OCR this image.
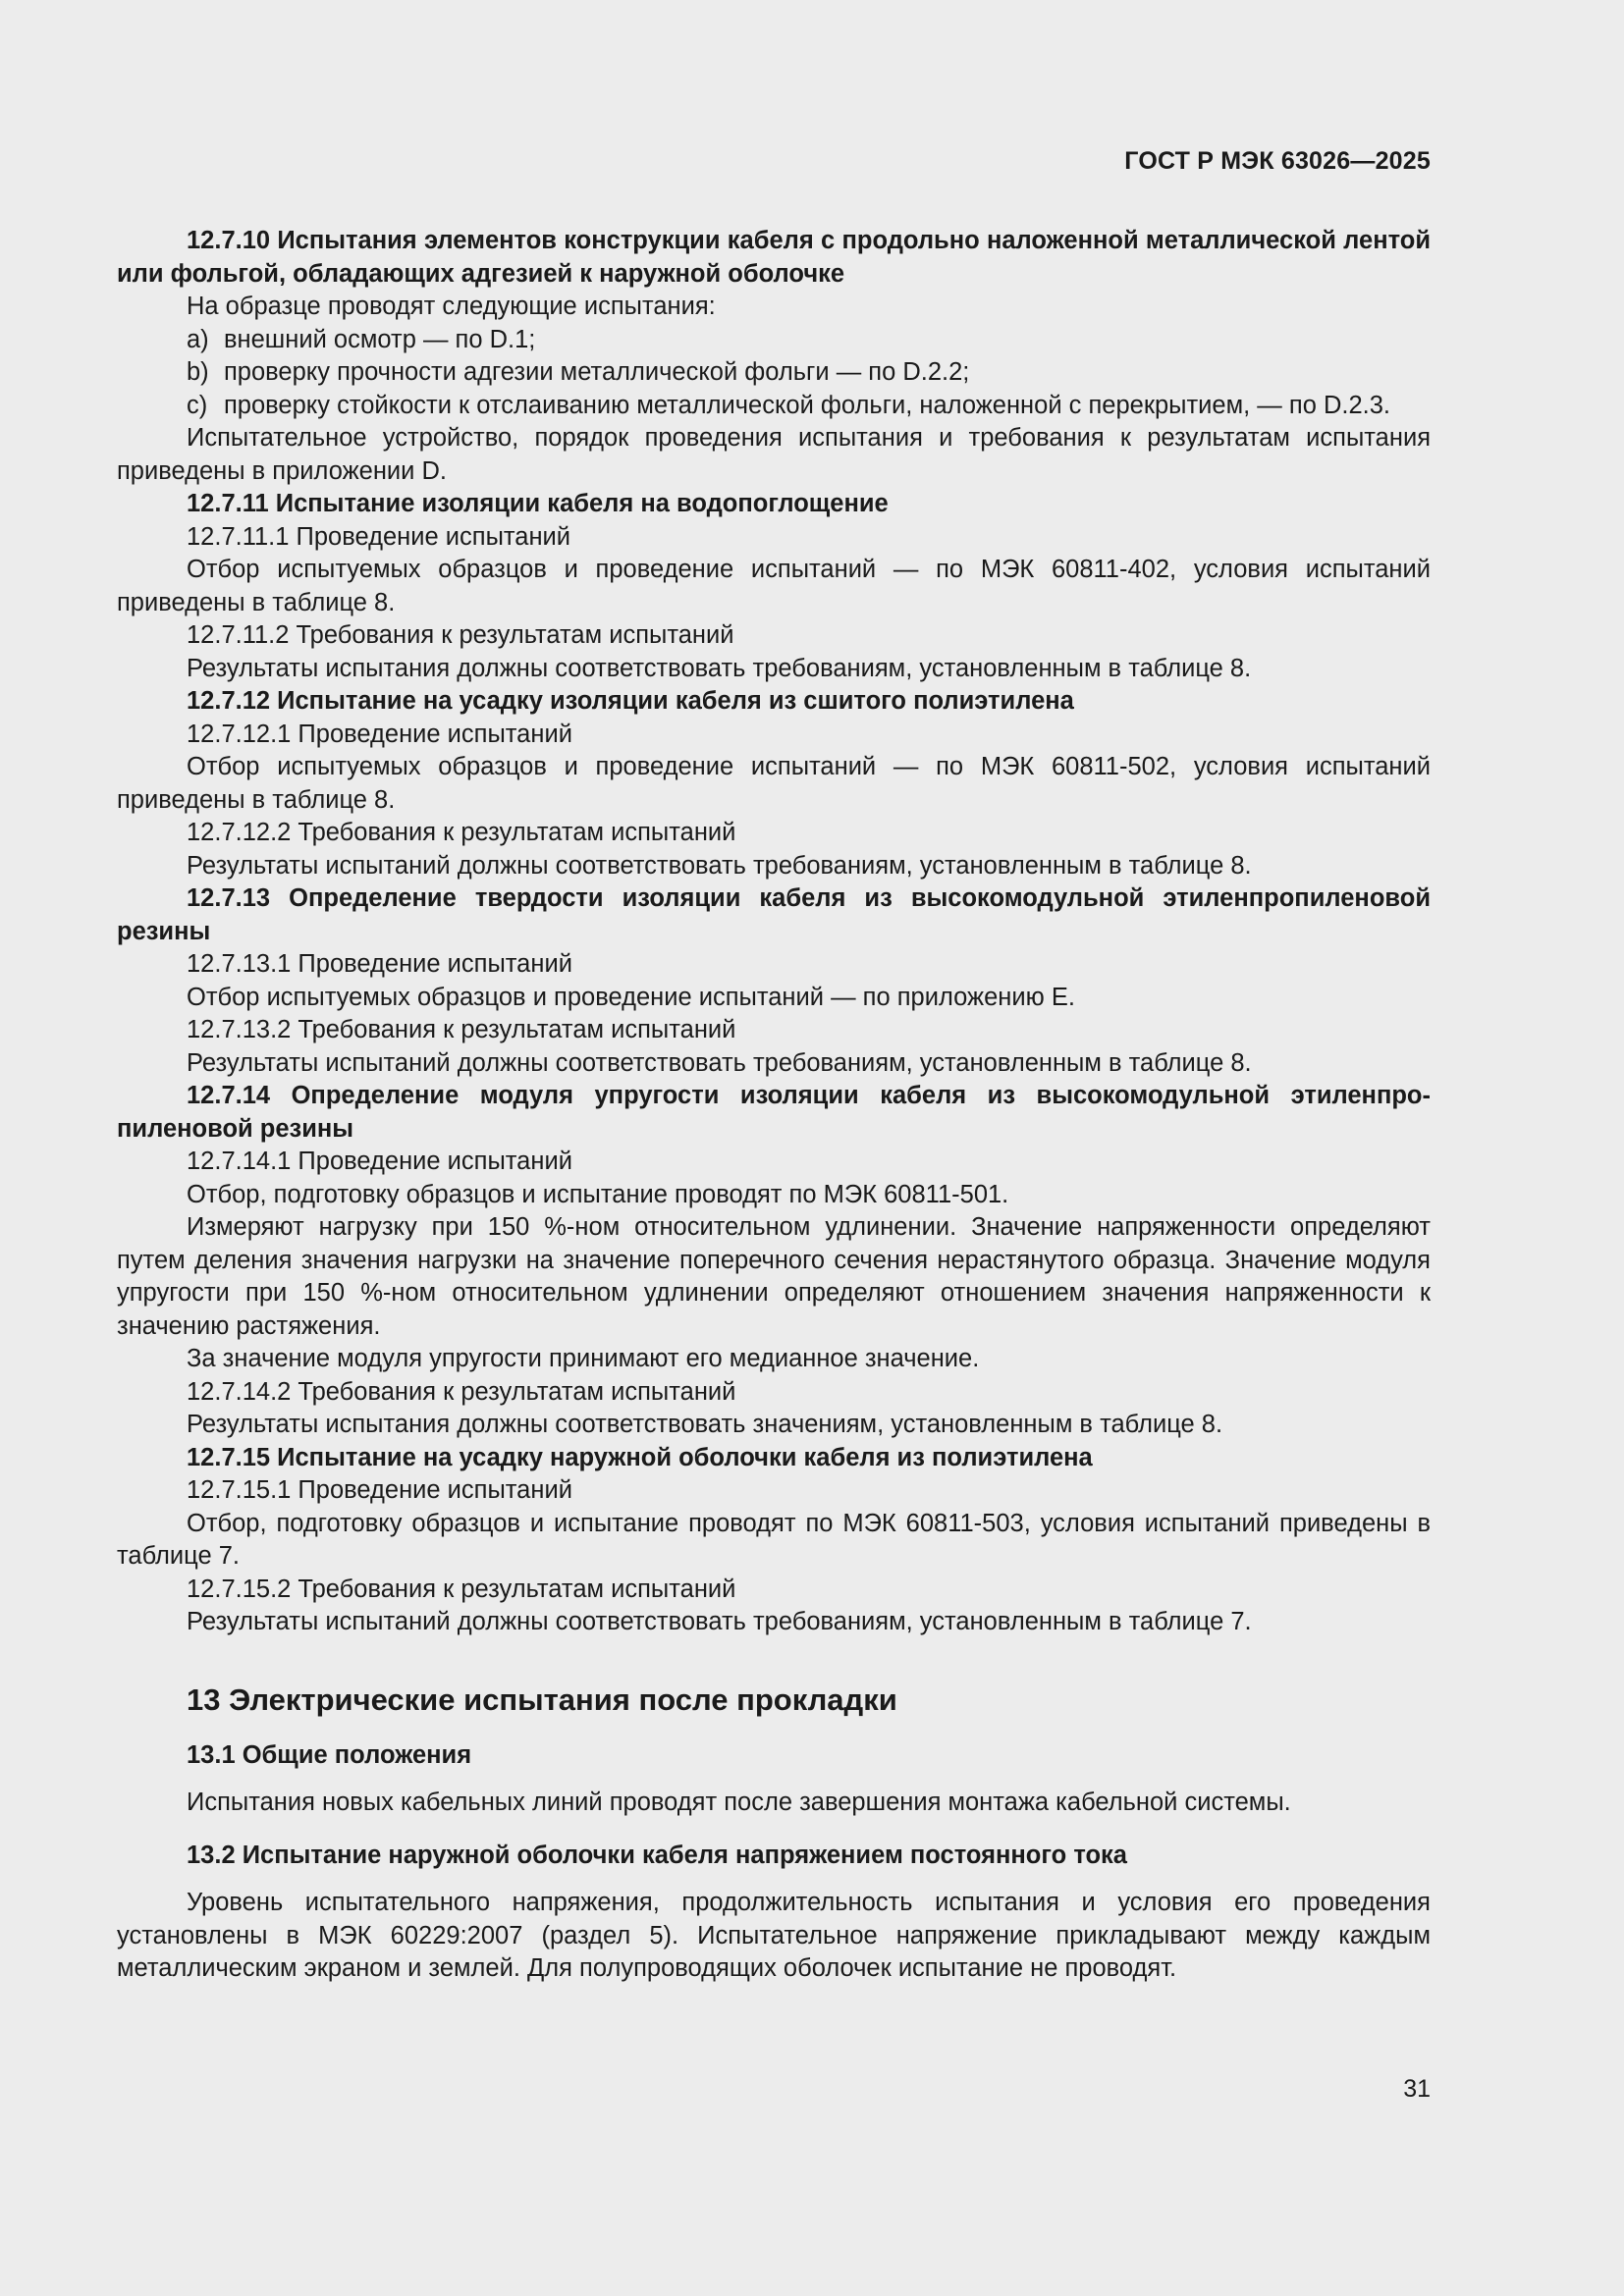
ГОСТ Р МЭК 63026—2025

12.7.10 Испытания элементов конструкции кабеля с продольно наложенной металлической лентой или фольгой, обладающих адгезией к наружной оболочке

На образце проводят следующие испытания:

a) внешний осмотр — по D.1;

b) проверку прочности адгезии металлической фольги — по D.2.2;

c) проверку стойкости к отслаиванию металлической фольги, наложенной с перекрытием, — по D.2.3.

Испытательное устройство, порядок проведения испытания и требования к результатам испытания приведены в приложении D.

12.7.11 Испытание изоляции кабеля на водопоглощение

12.7.11.1 Проведение испытаний

Отбор испытуемых образцов и проведение испытаний — по МЭК 60811-402, условия испытаний приведены в таблице 8.

12.7.11.2 Требования к результатам испытаний

Результаты испытания должны соответствовать требованиям, установленным в таблице 8.

12.7.12 Испытание на усадку изоляции кабеля из сшитого полиэтилена

12.7.12.1 Проведение испытаний

Отбор испытуемых образцов и проведение испытаний — по МЭК 60811-502, условия испытаний приведены в таблице 8.

12.7.12.2 Требования к результатам испытаний

Результаты испытаний должны соответствовать требованиям, установленным в таблице 8.

12.7.13 Определение твердости изоляции кабеля из высокомодульной этиленпропиленовой резины

12.7.13.1 Проведение испытаний

Отбор испытуемых образцов и проведение испытаний — по приложению Е.

12.7.13.2 Требования к результатам испытаний

Результаты испытаний должны соответствовать требованиям, установленным в таблице 8.

12.7.14 Определение модуля упругости изоляции кабеля из высокомодульной этиленпропиленовой резины

12.7.14.1 Проведение испытаний

Отбор, подготовку образцов и испытание проводят по МЭК 60811-501.

Измеряют нагрузку при 150 %-ном относительном удлинении. Значение напряженности определяют путем деления значения нагрузки на значение поперечного сечения нерастянутого образца. Значение модуля упругости при 150 %-ном относительном удлинении определяют отношением значения напряженности к значению растяжения.

За значение модуля упругости принимают его медианное значение.

12.7.14.2 Требования к результатам испытаний

Результаты испытания должны соответствовать значениям, установленным в таблице 8.

12.7.15 Испытание на усадку наружной оболочки кабеля из полиэтилена

12.7.15.1 Проведение испытаний

Отбор, подготовку образцов и испытание проводят по МЭК 60811-503, условия испытаний приведены в таблице 7.

12.7.15.2 Требования к результатам испытаний

Результаты испытаний должны соответствовать требованиям, установленным в таблице 7.

13 Электрические испытания после прокладки
13.1 Общие положения

Испытания новых кабельных линий проводят после завершения монтажа кабельной системы.

13.2 Испытание наружной оболочки кабеля напряжением постоянного тока

Уровень испытательного напряжения, продолжительность испытания и условия его проведения установлены в МЭК 60229:2007 (раздел 5). Испытательное напряжение прикладывают между каждым металлическим экраном и землей. Для полупроводящих оболочек испытание не проводят.

31
